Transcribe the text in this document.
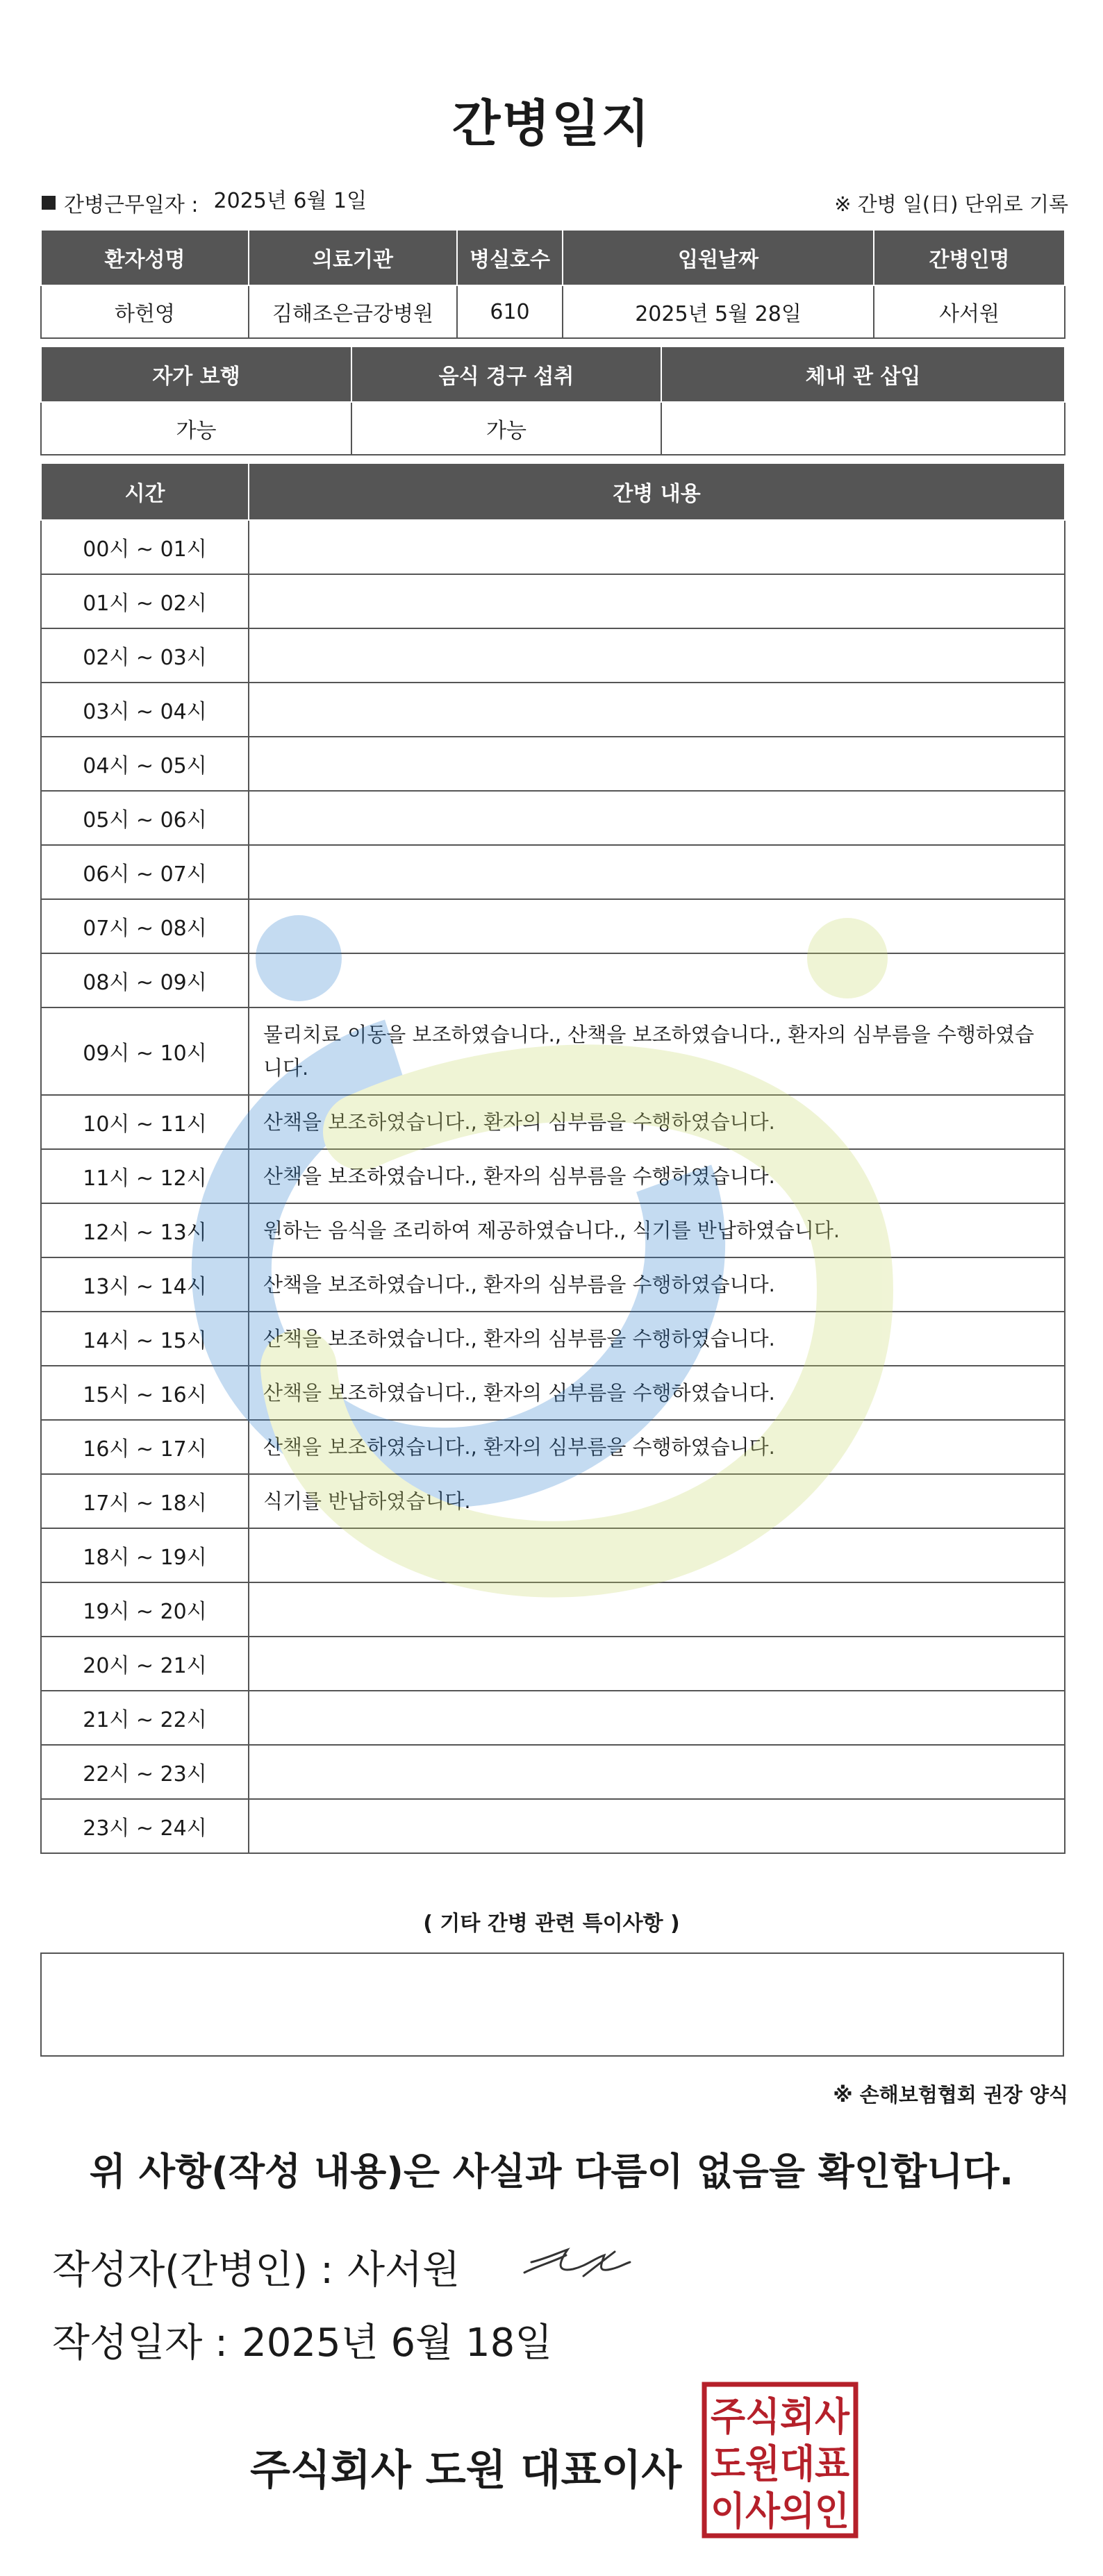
간병일지
간병근무일자 : 2025년 6월 1일	※ 간병 일(日) 단위로 기록
환자성명	의료기관	병실호수	입원날짜	간병인명
하헌영	김해조은금강병원	610	2025년 5월 28일	사서원
자가 보행	음식 경구 섭취	체내 관 삽입
가능	가능	
시간	간병 내용
00시 ~ 01시	
01시 ~ 02시	
02시 ~ 03시	
03시 ~ 04시	
04시 ~ 05시	
05시 ~ 06시	
06시 ~ 07시	
07시 ~ 08시	
08시 ~ 09시	
09시 ~ 10시	물리치료 이동을 보조하였습니다., 산책을 보조하였습니다., 환자의 심부름을 수행하였습니다.
10시 ~ 11시	산책을 보조하였습니다., 환자의 심부름을 수행하였습니다.
11시 ~ 12시	산책을 보조하였습니다., 환자의 심부름을 수행하였습니다.
12시 ~ 13시	원하는 음식을 조리하여 제공하였습니다., 식기를 반납하였습니다.
13시 ~ 14시	산책을 보조하였습니다., 환자의 심부름을 수행하였습니다.
14시 ~ 15시	산책을 보조하였습니다., 환자의 심부름을 수행하였습니다.
15시 ~ 16시	산책을 보조하였습니다., 환자의 심부름을 수행하였습니다.
16시 ~ 17시	산책을 보조하였습니다., 환자의 심부름을 수행하였습니다.
17시 ~ 18시	식기를 반납하였습니다.
18시 ~ 19시	
19시 ~ 20시	
20시 ~ 21시	
21시 ~ 22시	
22시 ~ 23시	
23시 ~ 24시	
( 기타 간병 관련 특이사항 )
※ 손해보험협회 권장 양식
위 사항(작성 내용)은 사실과 다름이 없음을 확인합니다.
작성자(간병인) : 사서원
작성일자 : 2025년 6월 18일
주식회사 도원 대표이사
주식회사
도원대표
이사의인
